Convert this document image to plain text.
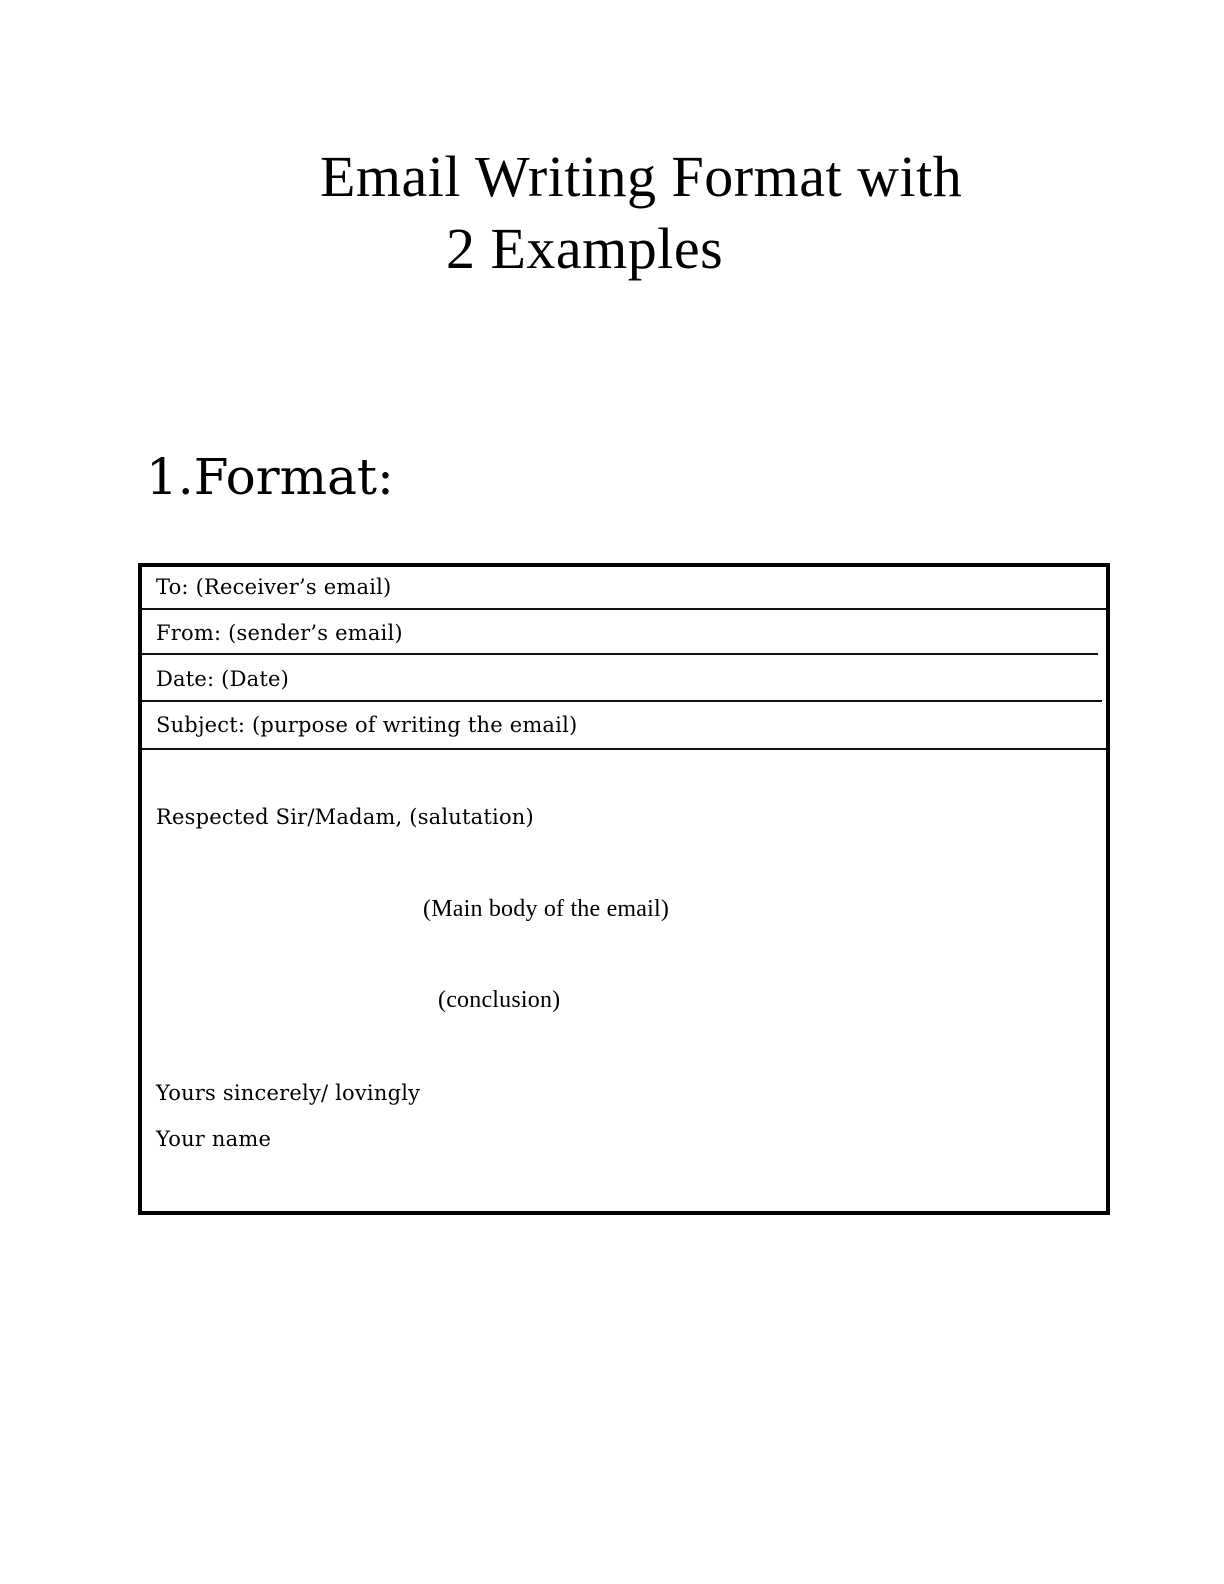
Email Writing Format with
2 Examples
1.Format:
To: (Receiver’s email)
From: (sender’s email)
Date: (Date)
Subject: (purpose of writing the email)
Respected Sir/Madam, (salutation)
(Main body of the email)
(conclusion)
Yours sincerely/ lovingly
Your name
